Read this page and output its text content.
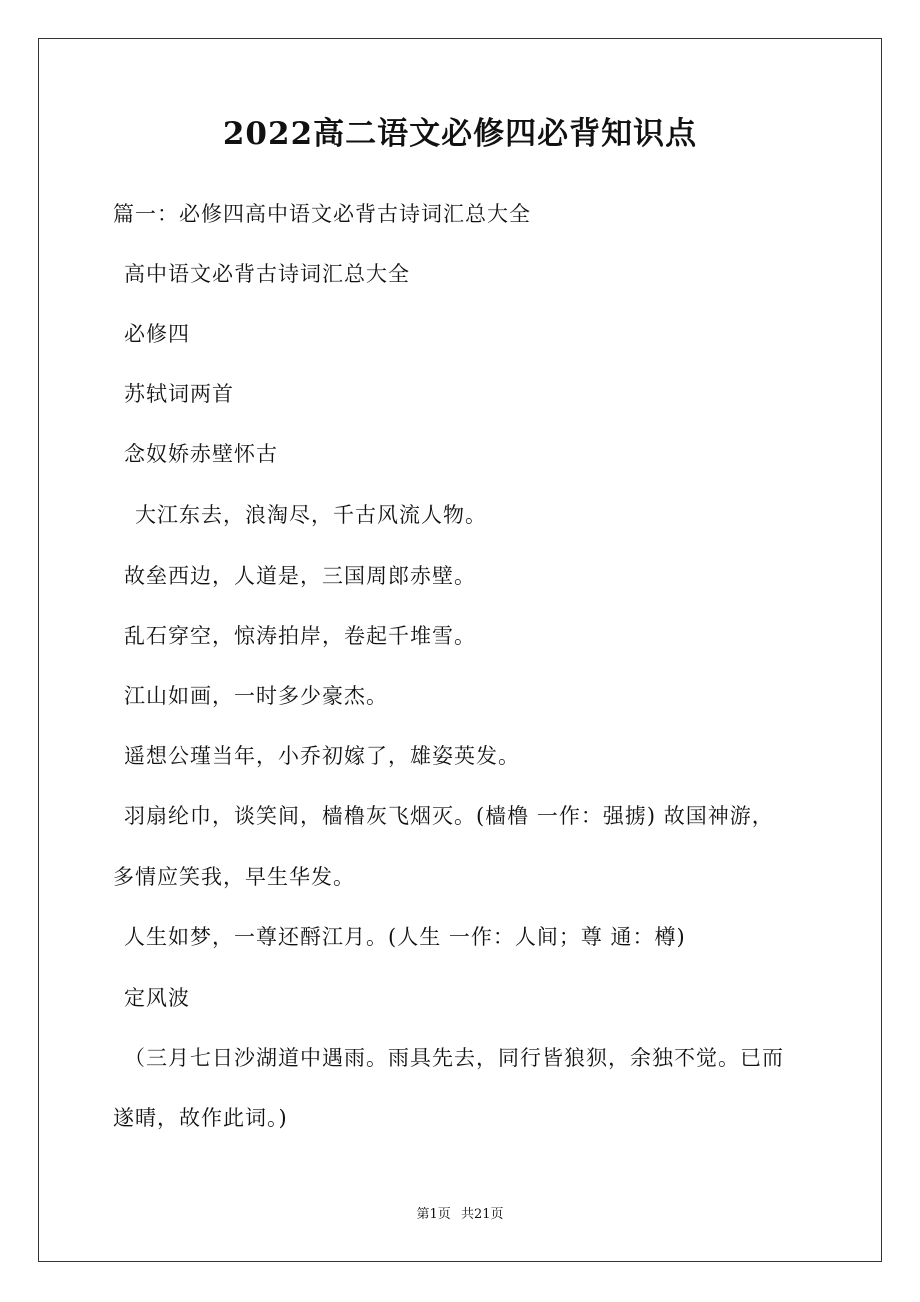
2022高二语文必修四必背知识点
篇一：必修四高中语文必背古诗词汇总大全
高中语文必背古诗词汇总大全
必修四
苏轼词两首
念奴娇赤壁怀古
大江东去，浪淘尽，千古风流人物。
故垒西边，人道是，三国周郎赤壁。
乱石穿空，惊涛拍岸，卷起千堆雪。
江山如画，一时多少豪杰。
遥想公瑾当年，小乔初嫁了，雄姿英发。
羽扇纶巾，谈笑间，樯橹灰飞烟灭。(樯橹 一作：强掳) 故国神游，
多情应笑我，早生华发。
人生如梦，一尊还酹江月。(人生 一作：人间；尊 通：樽)
定风波
（三月七日沙湖道中遇雨。雨具先去，同行皆狼狈，余独不觉。已而
遂晴，故作此词。)
第1页 共21页
